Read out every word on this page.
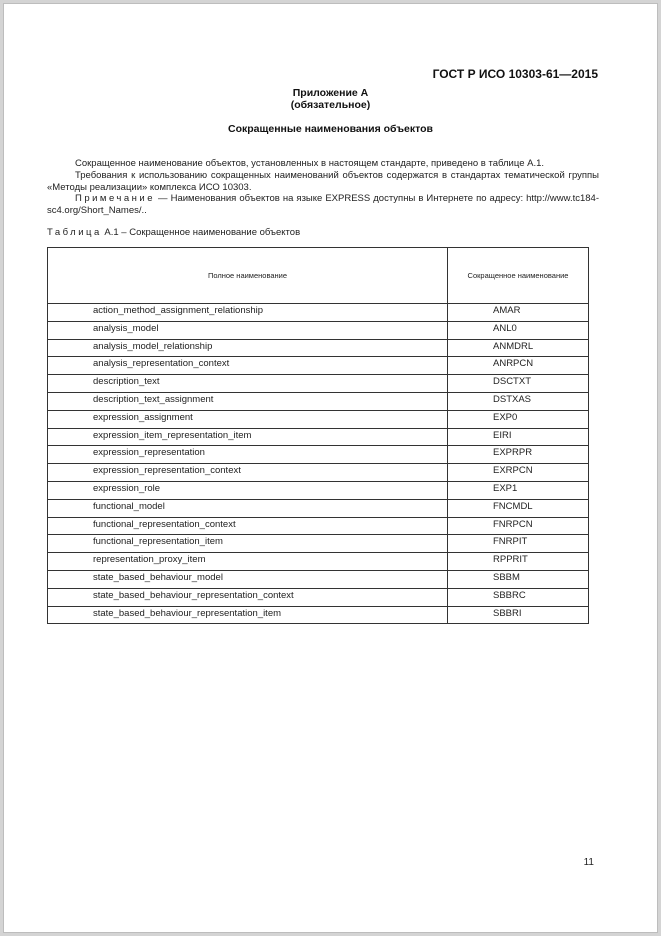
ГОСТ Р ИСО 10303-61—2015
Приложение А
(обязательное)
Сокращенные наименования объектов
Сокращенное наименование объектов, установленных в настоящем стандарте, приведено в таблице А.1.
Требования к использованию сокращенных наименований объектов содержатся в стандартах тематической группы «Методы реализации» комплекса ИСО 10303.
Примечание — Наименования объектов на языке EXPRESS доступны в Интернете по адресу: http://www.tc184-sc4.org/Short_Names/..
Таблица А.1 – Сокращенное наименование объектов
Полное наименование	Сокращенное наименование
action_method_assignment_relationship	AMAR
analysis_model	ANL0
analysis_model_relationship	ANMDRL
analysis_representation_context	ANRPCN
description_text	DSCTXT
description_text_assignment	DSTXAS
expression_assignment	EXP0
expression_item_representation_item	EIRI
expression_representation	EXPRPR
expression_representation_context	EXRPCN
expression_role	EXP1
functional_model	FNCMDL
functional_representation_context	FNRPCN
functional_representation_item	FNRPIT
representation_proxy_item	RPPRIT
state_based_behaviour_model	SBBM
state_based_behaviour_representation_context	SBBRC
state_based_behaviour_representation_item	SBBRI
11
